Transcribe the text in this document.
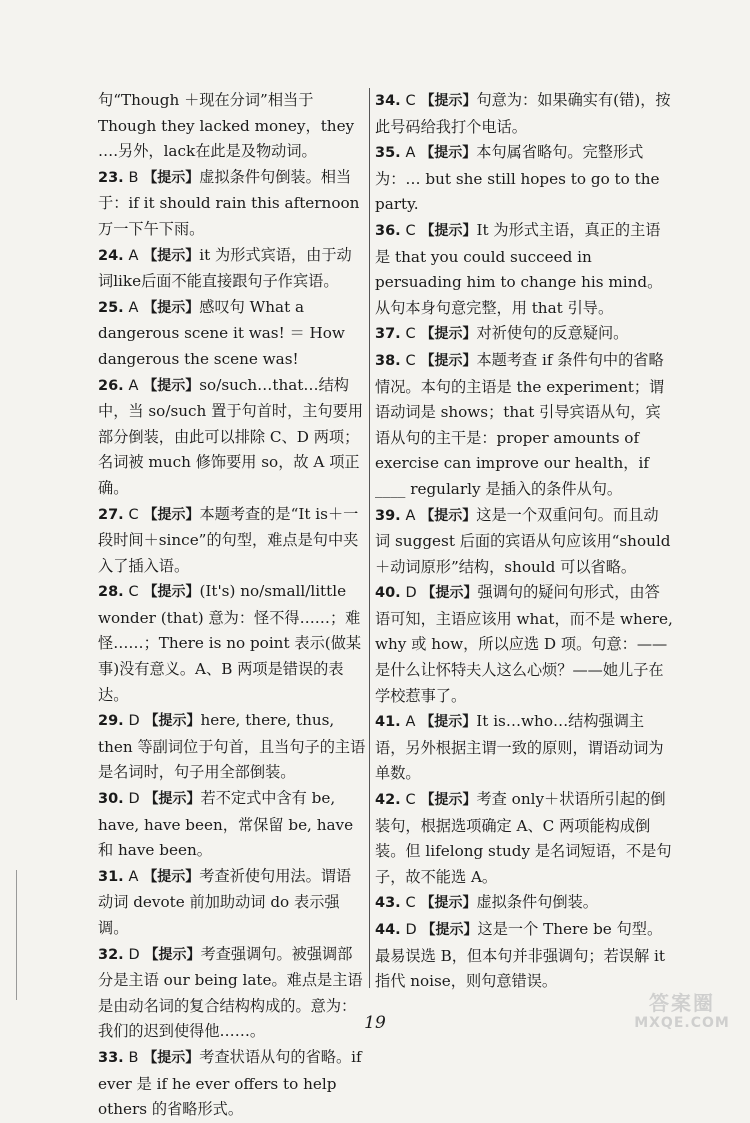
句“Though ＋现在分词”相当于Though they lacked money，they ….另外，lack在此是及物动词。
23. B 【提示】虚拟条件句倒装。相当于：if it should rain this afternoon 万一下午下雨。
24. A 【提示】it 为形式宾语，由于动词like后面不能直接跟句子作宾语。
25. A 【提示】感叹句 What a dangerous scene it was! ＝ How dangerous the scene was!
26. A 【提示】so/such…that…结构中，当 so/such 置于句首时，主句要用部分倒装，由此可以排除 C、D 两项；名词被 much 修饰要用 so，故 A 项正确。
27. C 【提示】本题考查的是“It is＋一段时间＋since”的句型，难点是句中夹入了插入语。
28. C 【提示】(It's) no/small/little wonder (that) 意为：怪不得……；难怪……；There is no point 表示(做某事)没有意义。A、B 两项是错误的表达。
29. D 【提示】here, there, thus, then 等副词位于句首，且当句子的主语是名词时，句子用全部倒装。
30. D 【提示】若不定式中含有 be, have, have been，常保留 be, have 和 have been。
31. A 【提示】考查祈使句用法。谓语动词 devote 前加助动词 do 表示强调。
32. D 【提示】考查强调句。被强调部分是主语 our being late。难点是主语是由动名词的复合结构构成的。意为：我们的迟到使得他……。
33. B 【提示】考查状语从句的省略。if ever 是 if he ever offers to help others 的省略形式。
34. C 【提示】句意为：如果确实有(错)，按此号码给我打个电话。
35. A 【提示】本句属省略句。完整形式为：… but she still hopes to go to the party.
36. C 【提示】It 为形式主语，真正的主语是 that you could succeed in persuading him to change his mind。从句本身句意完整，用 that 引导。
37. C 【提示】对祈使句的反意疑问。
38. C 【提示】本题考查 if 条件句中的省略情况。本句的主语是 the experiment；谓语动词是 shows；that 引导宾语从句，宾语从句的主干是：proper amounts of exercise can improve our health，if ____ regularly 是插入的条件从句。
39. A 【提示】这是一个双重问句。而且动词 suggest 后面的宾语从句应该用“should＋动词原形”结构，should 可以省略。
40. D 【提示】强调句的疑问句形式，由答语可知，主语应该用 what，而不是 where, why 或 how，所以应选 D 项。句意：——是什么让怀特夫人这么心烦？——她儿子在学校惹事了。
41. A 【提示】It is…who…结构强调主语，另外根据主谓一致的原则，谓语动词为单数。
42. C 【提示】考查 only＋状语所引起的倒装句，根据选项确定 A、C 两项能构成倒装。但 lifelong study 是名词短语，不是句子，故不能选 A。
43. C 【提示】虚拟条件句倒装。
44. D 【提示】这是一个 There be 句型。最易误选 B，但本句并非强调句；若误解 it 指代 noise，则句意错误。
19
答案圈
MXQE.COM
